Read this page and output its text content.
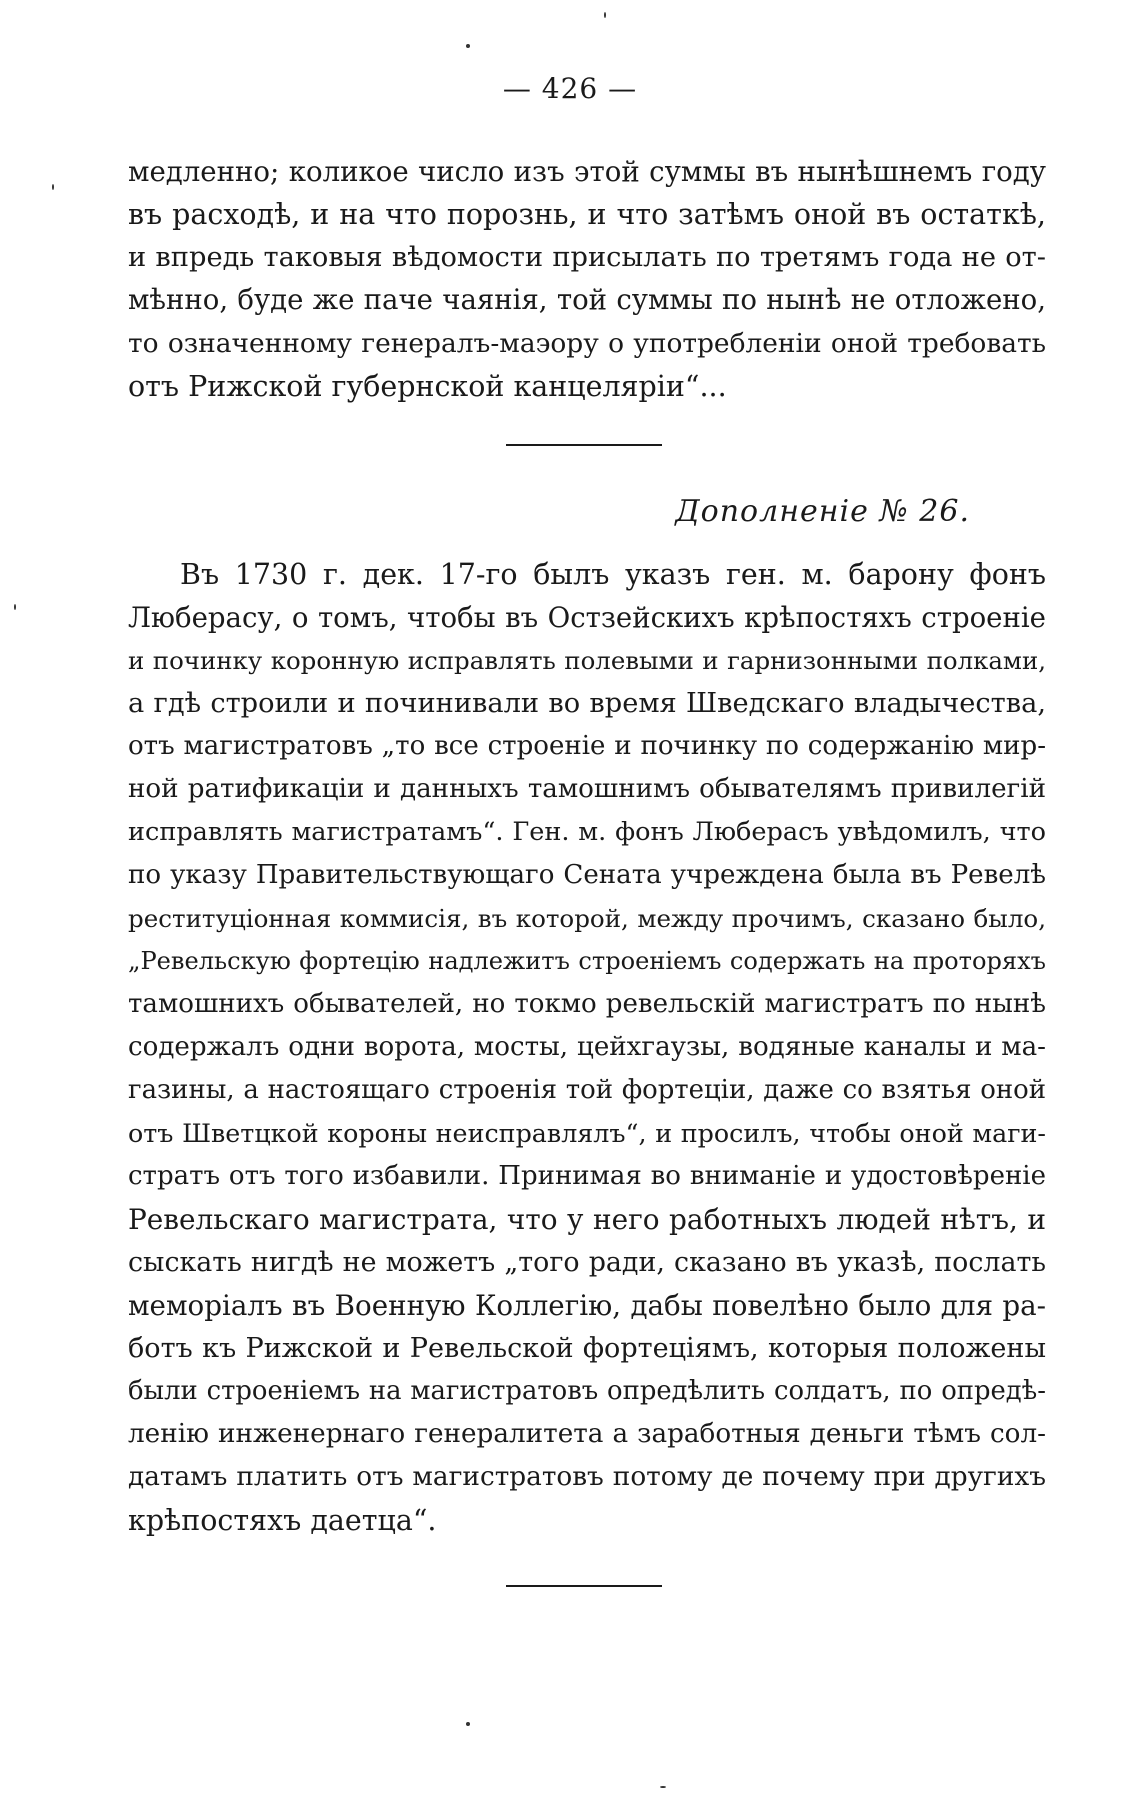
— 426 —
медленно; коликое число изъ этой суммы въ нынѣшнемъ году
въ расходѣ, и на что порознь, и что затѣмъ оной въ остаткѣ,
и впредь таковыя вѣдомости присылать по третямъ года не от-
мѣнно, буде же паче чаянія, той суммы по нынѣ не отложено,
то означенному генералъ-маэору о употребленіи оной требовать
отъ Рижской губернской канцеляріи“...
Дополненіе № 26.
Въ 1730 г. дек. 17-го былъ указъ ген. м. барону фонъ
Люберасу, о томъ, чтобы въ Остзейскихъ крѣпостяхъ строеніе
и починку коронную исправлять полевыми и гарнизонными полками,
а гдѣ строили и починивали во время Шведскаго владычества,
отъ магистратовъ „то все строеніе и починку по содержанію мир-
ной ратификаціи и данныхъ тамошнимъ обывателямъ привилегій
исправлять магистратамъ“. Ген. м. фонъ Люберасъ увѣдомилъ, что
по указу Правительствующаго Сената учреждена была въ Ревелѣ
реституціонная коммисія, въ которой, между прочимъ, сказано было,
„Ревельскую фортецію надлежитъ строеніемъ содержать на проторяхъ
тамошнихъ обывателей, но токмо ревельскій магистратъ по нынѣ
содержалъ одни ворота, мосты, цейхгаузы, водяные каналы и ма-
газины, а настоящаго строенія той фортеціи, даже со взятья оной
отъ Шветцкой короны неисправлялъ“, и просилъ, чтобы оной маги-
стратъ отъ того избавили. Принимая во вниманіе и удостовѣреніе
Ревельскаго магистрата, что у него работныхъ людей нѣтъ, и
сыскать нигдѣ не можетъ „того ради, сказано въ указѣ, послать
меморіалъ въ Военную Коллегію, дабы повелѣно было для ра-
ботъ къ Рижской и Ревельской фортеціямъ, которыя положены
были строеніемъ на магистратовъ опредѣлить солдатъ, по опредѣ-
ленію инженернаго генералитета а заработныя деньги тѣмъ сол-
датамъ платить отъ магистратовъ потому де почему при другихъ
крѣпостяхъ даетца“.
